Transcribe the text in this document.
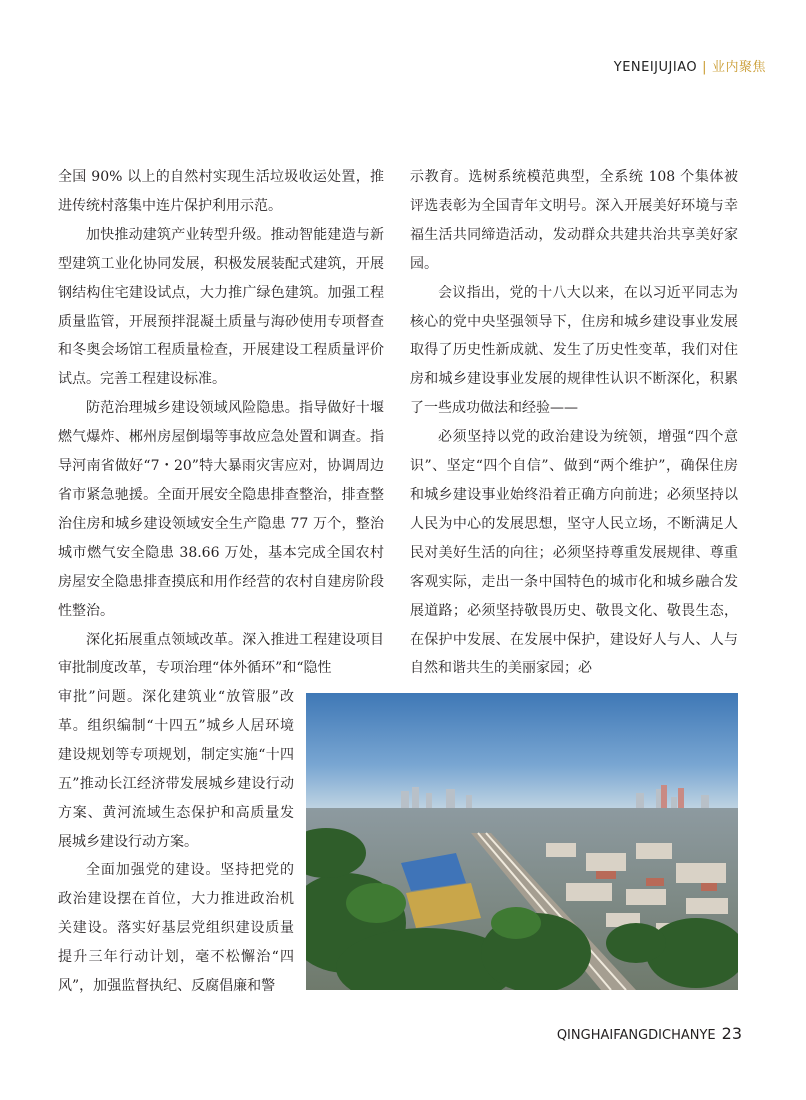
YENEIJUJIAO | 业内聚焦

全国 90% 以上的自然村实现生活垃圾收运处置，推进传统村落集中连片保护利用示范。

加快推动建筑产业转型升级。推动智能建造与新型建筑工业化协同发展，积极发展装配式建筑，开展钢结构住宅建设试点，大力推广绿色建筑。加强工程质量监管，开展预拌混凝土质量与海砂使用专项督查和冬奥会场馆工程质量检查，开展建设工程质量评价试点。完善工程建设标准。

防范治理城乡建设领域风险隐患。指导做好十堰燃气爆炸、郴州房屋倒塌等事故应急处置和调查。指导河南省做好“7・20”特大暴雨灾害应对，协调周边省市紧急驰援。全面开展安全隐患排查整治，排查整治住房和城乡建设领域安全生产隐患 77 万个，整治城市燃气安全隐患 38.66 万处，基本完成全国农村房屋安全隐患排查摸底和用作经营的农村自建房阶段性整治。

深化拓展重点领域改革。深入推进工程建设项目审批制度改革，专项治理“体外循环”和“隐性

审批”问题。深化建筑业“放管服”改革。组织编制“十四五”城乡人居环境建设规划等专项规划，制定实施“十四五”推动长江经济带发展城乡建设行动方案、黄河流域生态保护和高质量发展城乡建设行动方案。

全面加强党的建设。坚持把党的政治建设摆在首位，大力推进政治机关建设。落实好基层党组织建设质量提升三年行动计划，毫不松懈治“四风”，加强监督执纪、反腐倡廉和警

示教育。选树系统模范典型，全系统 108 个集体被评选表彰为全国青年文明号。深入开展美好环境与幸福生活共同缔造活动，发动群众共建共治共享美好家园。

会议指出，党的十八大以来，在以习近平同志为核心的党中央坚强领导下，住房和城乡建设事业发展取得了历史性新成就、发生了历史性变革，我们对住房和城乡建设事业发展的规律性认识不断深化，积累了一些成功做法和经验——

必须坚持以党的政治建设为统领，增强“四个意识”、坚定“四个自信”、做到“两个维护”，确保住房和城乡建设事业始终沿着正确方向前进；必须坚持以人民为中心的发展思想，坚守人民立场，不断满足人民对美好生活的向往；必须坚持尊重发展规律、尊重客观实际，走出一条中国特色的城市化和城乡融合发展道路；必须坚持敬畏历史、敬畏文化、敬畏生态，在保护中发展、在发展中保护，建设好人与人、人与自然和谐共生的美丽家园；必

QINGHAIFANGDICHANYE 23
